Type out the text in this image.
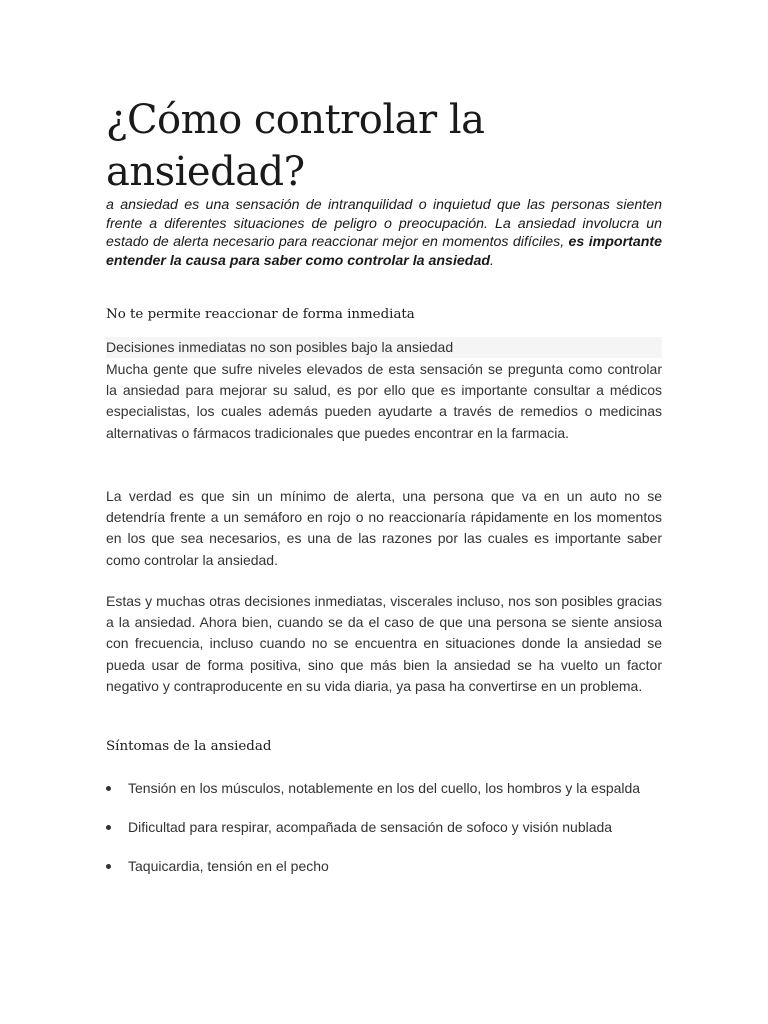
¿Cómo controlar la ansiedad?

a ansiedad es una sensación de intranquilidad o inquietud que las personas sienten frente a diferentes situaciones de peligro o preocupación. La ansiedad involucra un estado de alerta necesario para reaccionar mejor en momentos difíciles, es importante entender la causa para saber como controlar la ansiedad.

No te permite reaccionar de forma inmediata
Decisiones inmediatas no son posibles bajo la ansiedad

Mucha gente que sufre niveles elevados de esta sensación se pregunta como controlar la ansiedad para mejorar su salud, es por ello que es importante consultar a médicos especialistas, los cuales además pueden ayudarte a través de remedios o medicinas alternativas o fármacos tradicionales que puedes encontrar en la farmacia.

La verdad es que sin un mínimo de alerta, una persona que va en un auto no se detendría frente a un semáforo en rojo o no reaccionaría rápidamente en los momentos en los que sea necesarios, es una de las razones por las cuales es importante saber como controlar la ansiedad.

Estas y muchas otras decisiones inmediatas, viscerales incluso, nos son posibles gracias a la ansiedad. Ahora bien, cuando se da el caso de que una persona se siente ansiosa con frecuencia, incluso cuando no se encuentra en situaciones donde la ansiedad se pueda usar de forma positiva, sino que más bien la ansiedad se ha vuelto un factor negativo y contraproducente en su vida diaria, ya pasa ha convertirse en un problema.

Síntomas de la ansiedad
Tensión en los músculos, notablemente en los del cuello, los hombros y la espalda
Dificultad para respirar, acompañada de sensación de sofoco y visión nublada
Taquicardia, tensión en el pecho
